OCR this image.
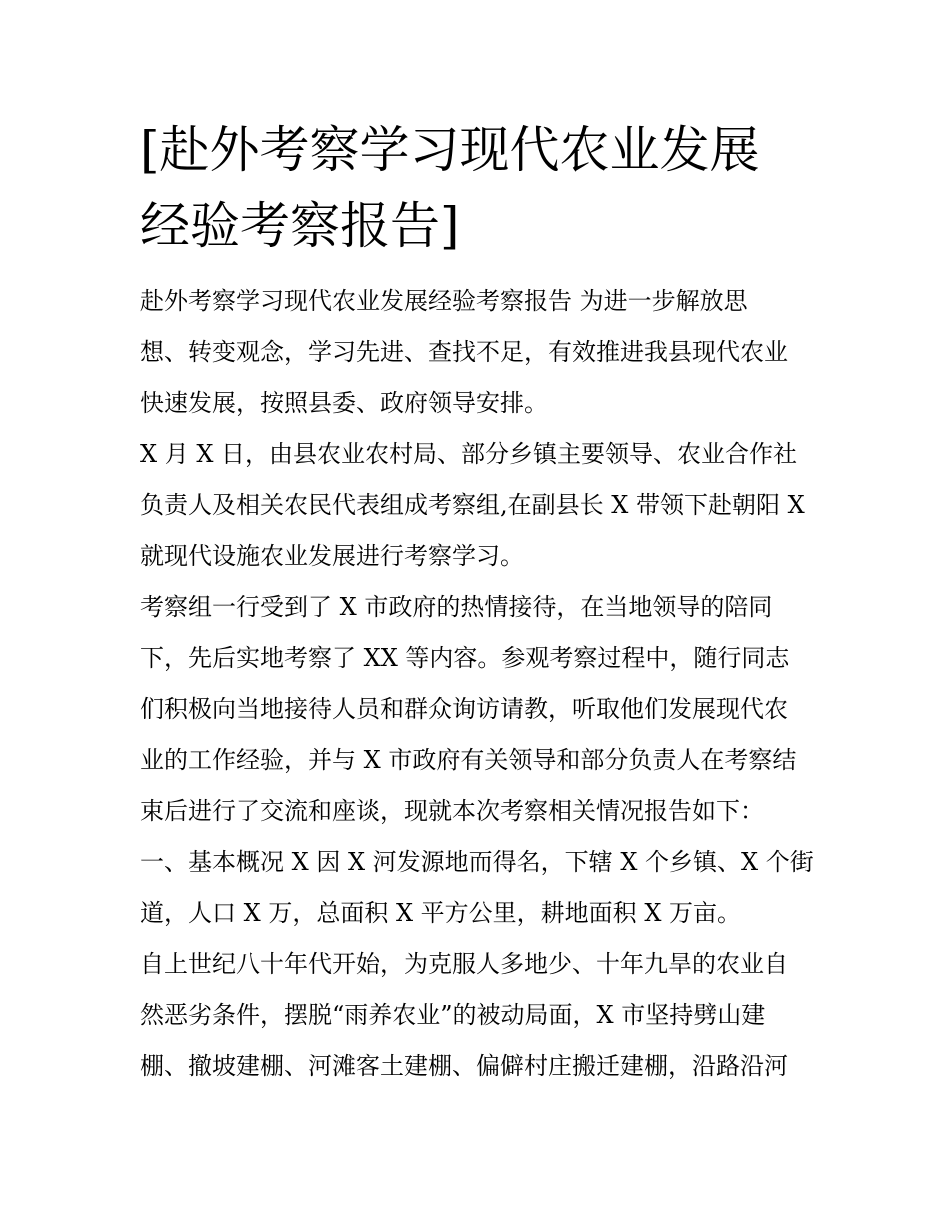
[赴外考察学习现代农业发展
经验考察报告]

赴外考察学习现代农业发展经验考察报告 为进一步解放思
想、转变观念，学习先进、查找不足，有效推进我县现代农业
快速发展，按照县委、政府领导安排。

X 月 X 日，由县农业农村局、部分乡镇主要领导、农业合作社
负责人及相关农民代表组成考察组,在副县长 X 带领下赴朝阳 X
就现代设施农业发展进行考察学习。

考察组一行受到了 X 市政府的热情接待，在当地领导的陪同
下，先后实地考察了 XX 等内容。参观考察过程中，随行同志
们积极向当地接待人员和群众询访请教，听取他们发展现代农
业的工作经验，并与 X 市政府有关领导和部分负责人在考察结
束后进行了交流和座谈，现就本次考察相关情况报告如下：

一、基本概况 X 因 X 河发源地而得名，下辖 X 个乡镇、X 个街
道，人口 X 万，总面积 X 平方公里，耕地面积 X 万亩。

自上世纪八十年代开始，为克服人多地少、十年九旱的农业自
然恶劣条件，摆脱“雨养农业”的被动局面，X 市坚持劈山建
棚、撤坡建棚、河滩客土建棚、偏僻村庄搬迁建棚，沿路沿河
